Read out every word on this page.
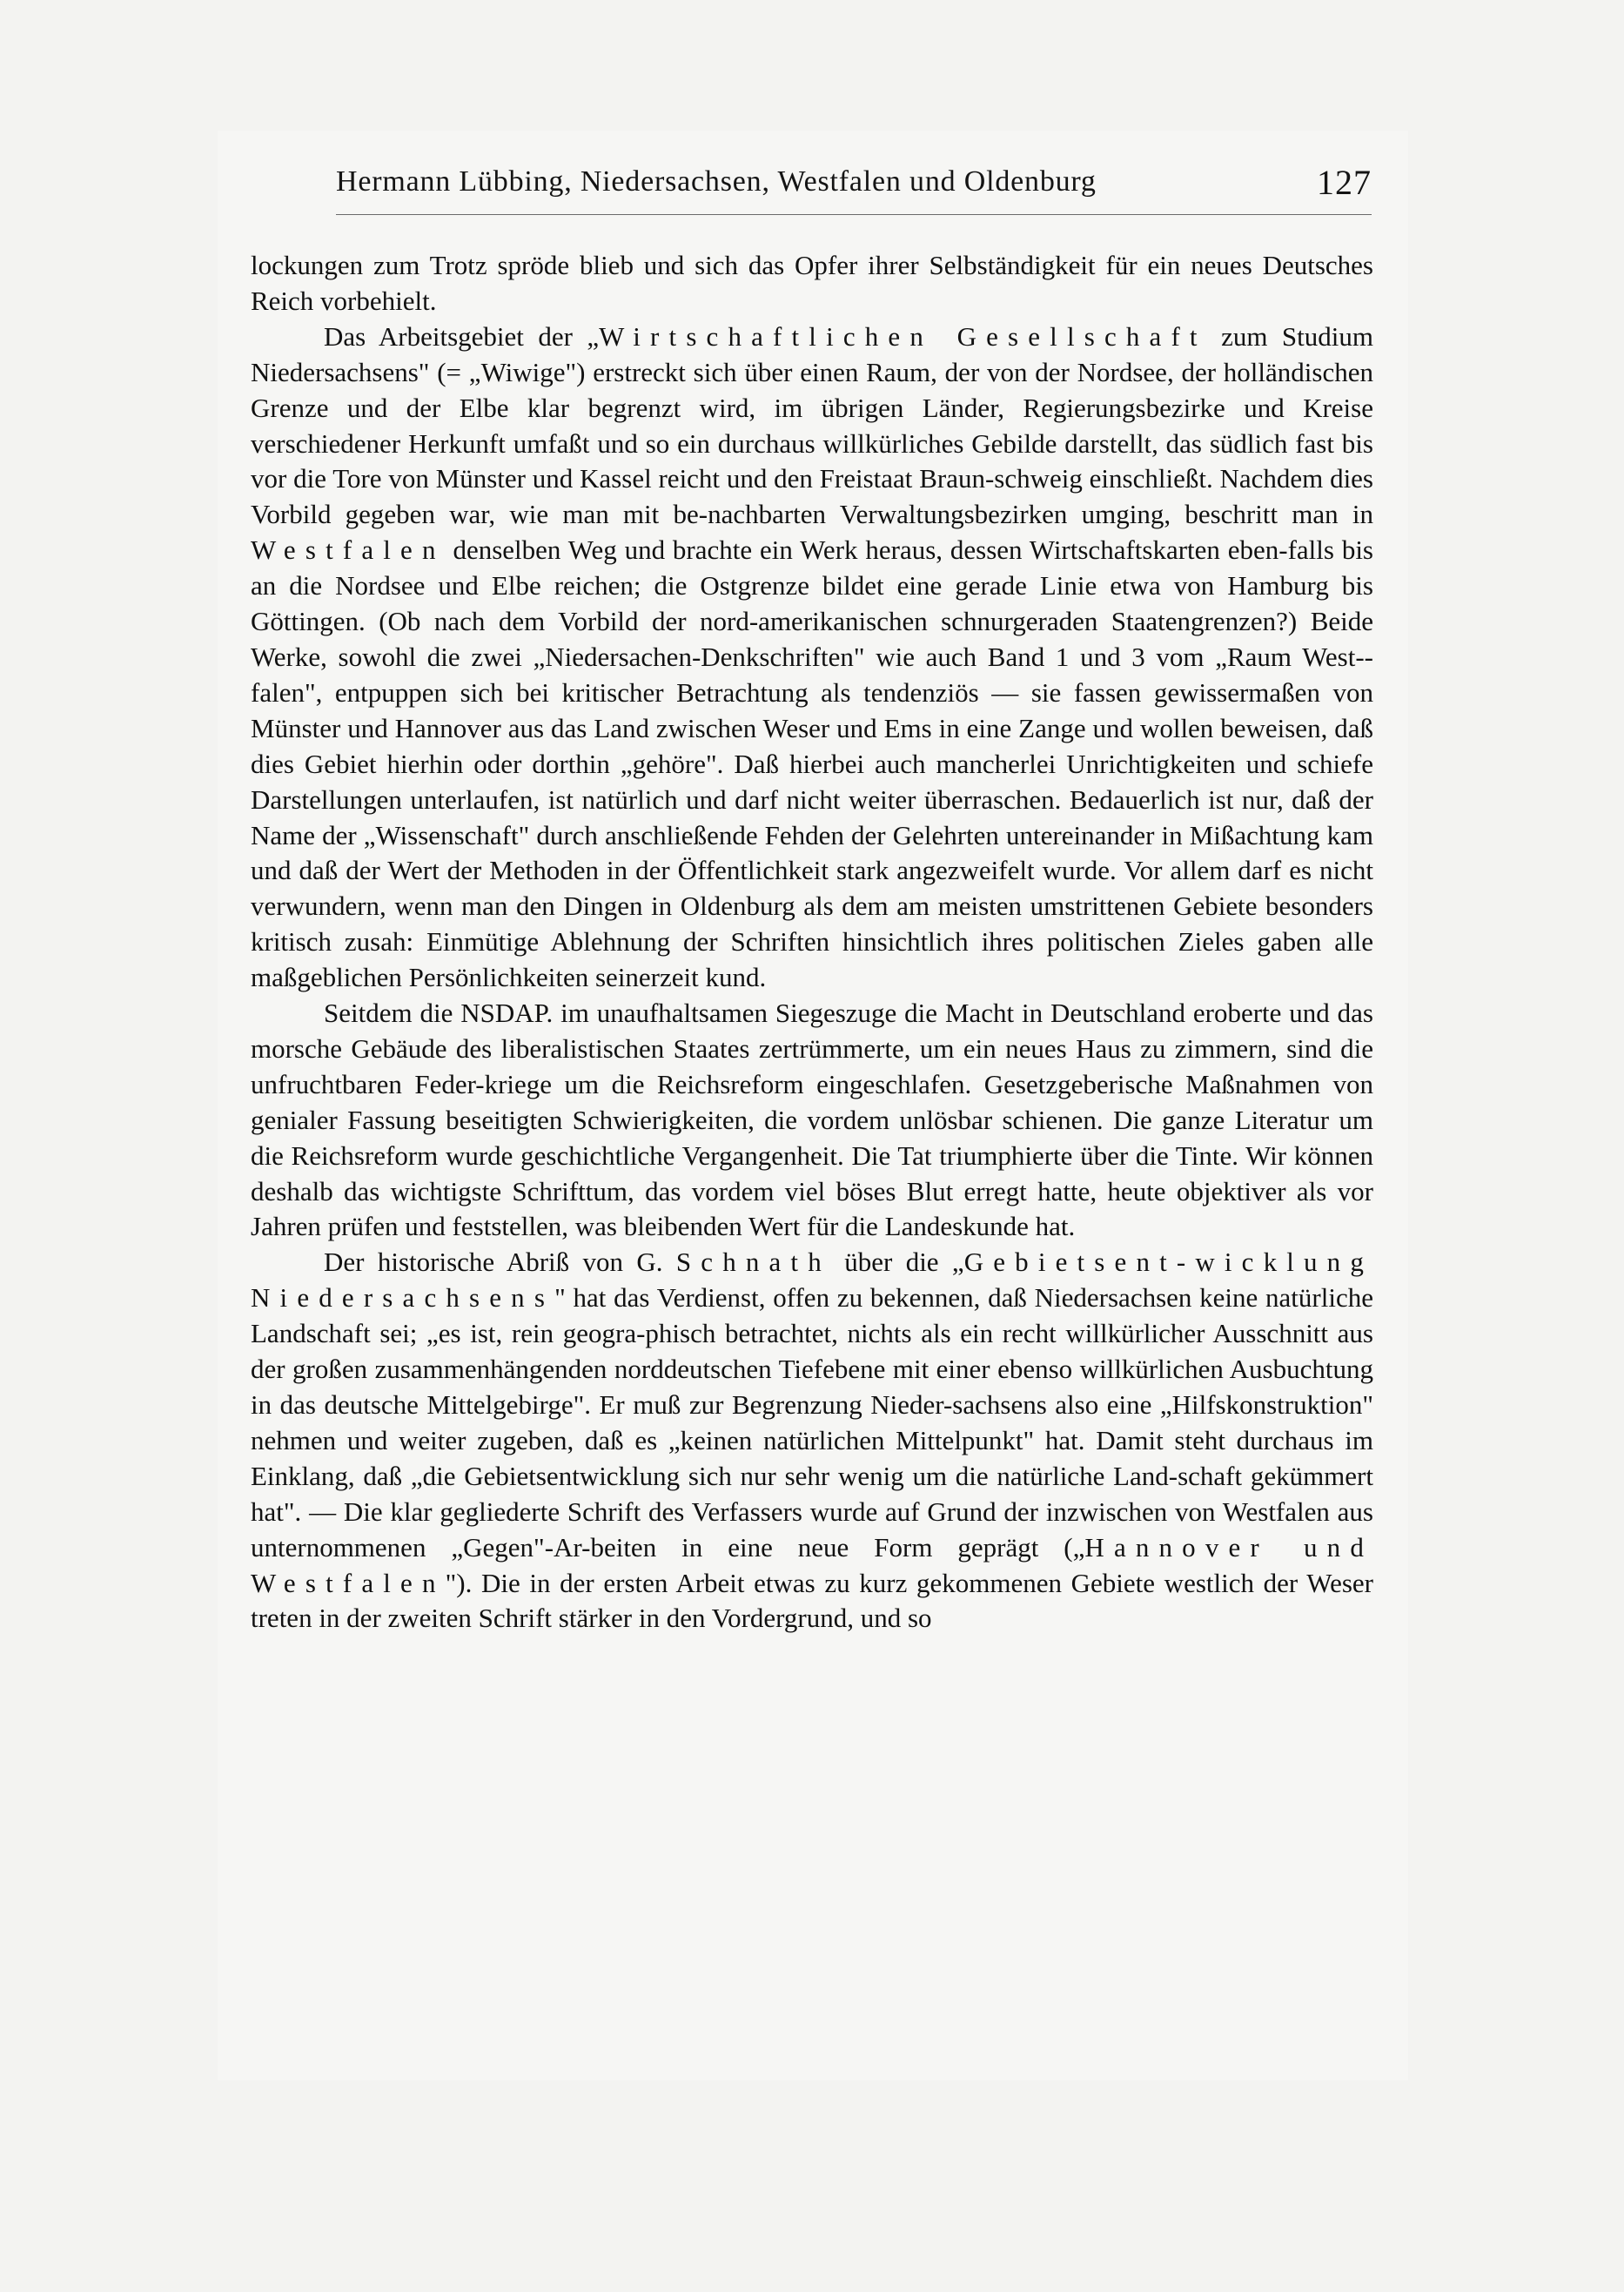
Hermann Lübbing, Niedersachsen, Westfalen und Oldenburg	127

lockungen zum Trotz spröde blieb und sich das Opfer ihrer Selbständigkeit für ein neues Deutsches Reich vorbehielt.

Das Arbeitsgebiet der „Wirtschaftlichen Gesellschaft zum Studium Niedersachsens" (= „Wiwige") erstreckt sich über einen Raum, der von der Nordsee, der holländischen Grenze und der Elbe klar begrenzt wird, im übrigen Länder, Regierungsbezirke und Kreise verschiedener Herkunft umfaßt und so ein durchaus willkürliches Gebilde darstellt, das südlich fast bis vor die Tore von Münster und Kassel reicht und den Freistaat Braun-schweig einschließt. Nachdem dies Vorbild gegeben war, wie man mit be-nachbarten Verwaltungsbezirken umging, beschritt man in Westfalen denselben Weg und brachte ein Werk heraus, dessen Wirtschaftskarten eben-falls bis an die Nordsee und Elbe reichen; die Ostgrenze bildet eine gerade Linie etwa von Hamburg bis Göttingen. (Ob nach dem Vorbild der nord-amerikanischen schnurgeraden Staatengrenzen?) Beide Werke, sowohl die zwei „Niedersachen-Denkschriften" wie auch Band 1 und 3 vom „Raum West-falen", entpuppen sich bei kritischer Betrachtung als tendenziös — sie fassen gewissermaßen von Münster und Hannover aus das Land zwischen Weser und Ems in eine Zange und wollen beweisen, daß dies Gebiet hierhin oder dorthin „gehöre". Daß hierbei auch mancherlei Unrichtigkeiten und schiefe Darstellungen unterlaufen, ist natürlich und darf nicht weiter überraschen. Bedauerlich ist nur, daß der Name der „Wissenschaft" durch anschließende Fehden der Gelehrten untereinander in Mißachtung kam und daß der Wert der Methoden in der Öffentlichkeit stark angezweifelt wurde. Vor allem darf es nicht verwundern, wenn man den Dingen in Oldenburg als dem am meisten umstrittenen Gebiete besonders kritisch zusah: Einmütige Ablehnung der Schriften hinsichtlich ihres politischen Zieles gaben alle maßgeblichen Persönlichkeiten seinerzeit kund.

Seitdem die NSDAP. im unaufhaltsamen Siegeszuge die Macht in Deutschland eroberte und das morsche Gebäude des liberalistischen Staates zertrümmerte, um ein neues Haus zu zimmern, sind die unfruchtbaren Feder-kriege um die Reichsreform eingeschlafen. Gesetzgeberische Maßnahmen von genialer Fassung beseitigten Schwierigkeiten, die vordem unlösbar schienen. Die ganze Literatur um die Reichsreform wurde geschichtliche Vergangenheit. Die Tat triumphierte über die Tinte. Wir können deshalb das wichtigste Schrifttum, das vordem viel böses Blut erregt hatte, heute objektiver als vor Jahren prüfen und feststellen, was bleibenden Wert für die Landeskunde hat.

Der historische Abriß von G. Schnath über die „Gebietsent-wicklung Niedersachsens" hat das Verdienst, offen zu bekennen, daß Niedersachsen keine natürliche Landschaft sei; „es ist, rein geogra-phisch betrachtet, nichts als ein recht willkürlicher Ausschnitt aus der großen zusammenhängenden norddeutschen Tiefebene mit einer ebenso willkürlichen Ausbuchtung in das deutsche Mittelgebirge". Er muß zur Begrenzung Nieder-sachsens also eine „Hilfskonstruktion" nehmen und weiter zugeben, daß es „keinen natürlichen Mittelpunkt" hat. Damit steht durchaus im Einklang, daß „die Gebietsentwicklung sich nur sehr wenig um die natürliche Land-schaft gekümmert hat". — Die klar gegliederte Schrift des Verfassers wurde auf Grund der inzwischen von Westfalen aus unternommenen „Gegen"-Ar-beiten in eine neue Form geprägt („Hannover und Westfalen"). Die in der ersten Arbeit etwas zu kurz gekommenen Gebiete westlich der Weser treten in der zweiten Schrift stärker in den Vordergrund, und so
